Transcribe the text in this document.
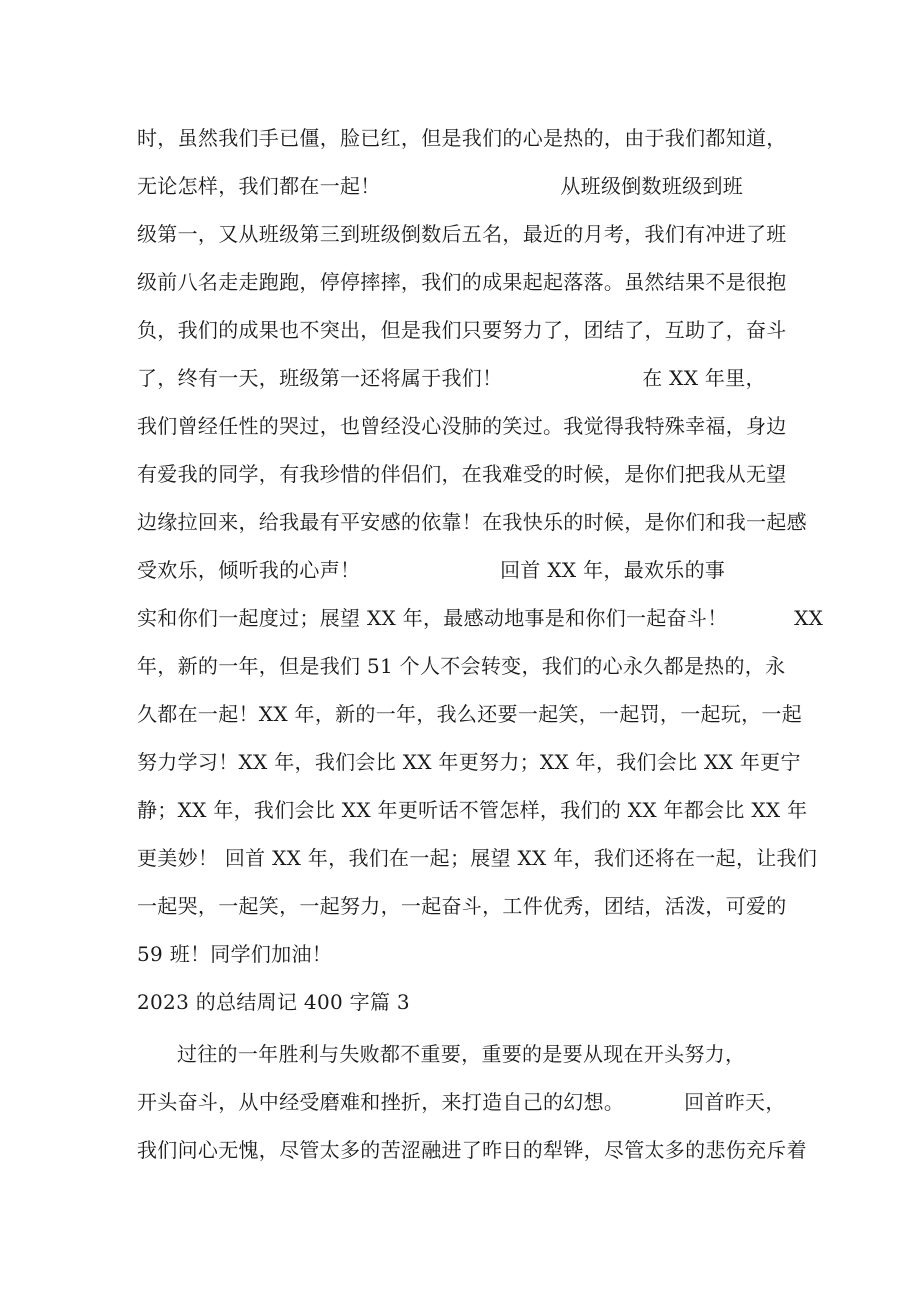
时，虽然我们手已僵，脸已红，但是我们的心是热的，由于我们都知道，
无论怎样，我们都在一起！                           从班级倒数班级到班
级第一，又从班级第三到班级倒数后五名，最近的月考，我们有冲进了班
级前八名走走跑跑，停停摔摔，我们的成果起起落落。虽然结果不是很抱
负，我们的成果也不突出，但是我们只要努力了，团结了，互助了，奋斗
了，终有一天，班级第一还将属于我们！                     在 XX 年里，
我们曾经任性的哭过，也曾经没心没肺的笑过。我觉得我特殊幸福，身边
有爱我的同学，有我珍惜的伴侣们，在我难受的时候，是你们把我从无望
边缘拉回来，给我最有平安感的依靠！在我快乐的时候，是你们和我一起感
受欢乐，倾听我的心声！                     回首 XX 年，最欢乐的事
实和你们一起度过；展望 XX 年，最感动地事是和你们一起奋斗！          XX
年，新的一年，但是我们 51 个人不会转变，我们的心永久都是热的，永
久都在一起！XX 年，新的一年，我么还要一起笑，一起罚，一起玩，一起
努力学习！XX 年，我们会比 XX 年更努力；XX 年，我们会比 XX 年更宁
静；XX 年，我们会比 XX 年更听话不管怎样，我们的 XX 年都会比 XX 年
更美妙！ 回首 XX 年，我们在一起；展望 XX 年，我们还将在一起，让我们
一起哭，一起笑，一起努力，一起奋斗，工件优秀，团结，活泼，可爱的
59 班！同学们加油！
2023 的总结周记 400 字篇 3
过往的一年胜利与失败都不重要，重要的是要从现在开头努力，
开头奋斗，从中经受磨难和挫折，来打造自己的幻想。         回首昨天，
我们问心无愧，尽管太多的苦涩融进了昨日的犁铧，尽管太多的悲伤充斥着
